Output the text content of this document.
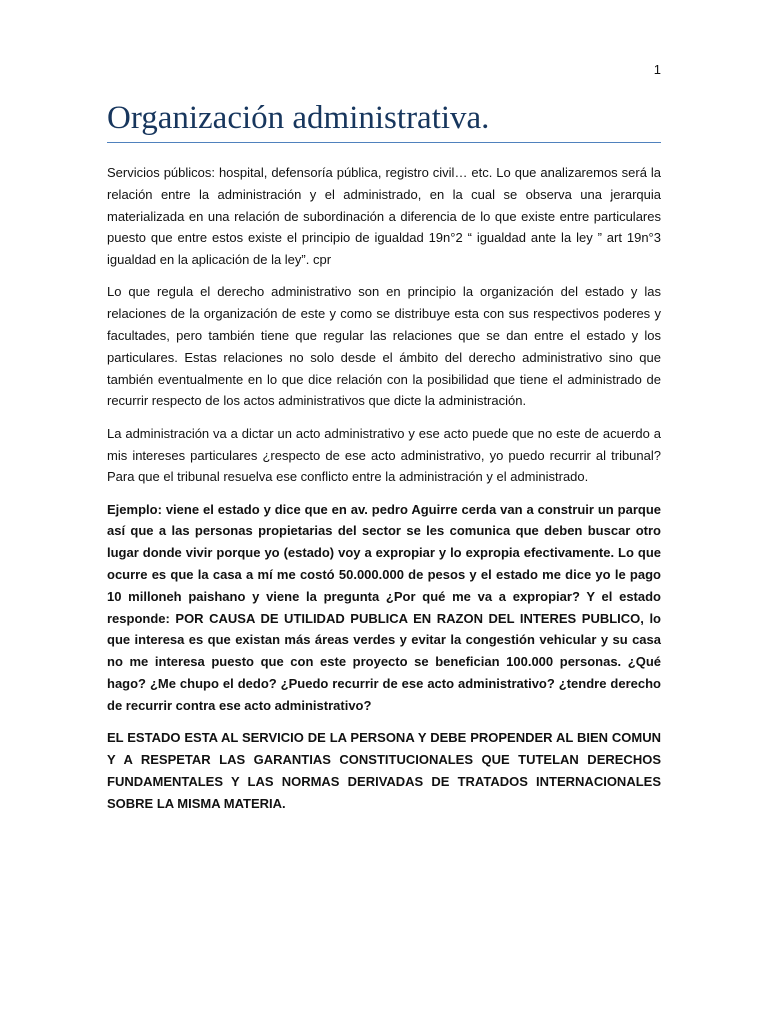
1
Organización administrativa.

Servicios públicos: hospital, defensoría pública, registro civil… etc. Lo que analizaremos será la relación entre la administración y el administrado, en la cual se observa una jerarquia materializada en una relación de subordinación a diferencia de lo que existe entre particulares puesto que entre estos existe el principio de igualdad 19n°2 “ igualdad ante la ley ” art 19n°3 igualdad en la aplicación de la ley”. cpr

Lo que regula el derecho administrativo son en principio la organización del estado y las relaciones de la organización de este y como se distribuye esta con sus respectivos poderes y facultades, pero también tiene que regular las relaciones que se dan entre el estado y los particulares. Estas relaciones no solo desde el ámbito del derecho administrativo sino que también eventualmente en lo que dice relación con la posibilidad que tiene el administrado de recurrir respecto de los actos administrativos que dicte la administración.

La administración va a dictar un acto administrativo y ese acto puede que no este de acuerdo a mis intereses particulares ¿respecto de ese acto administrativo, yo puedo recurrir al tribunal? Para que el tribunal resuelva ese conflicto entre la administración y el administrado.

Ejemplo: viene el estado y dice que en av. pedro Aguirre cerda van a construir un parque así que a las personas propietarias del sector se les comunica que deben buscar otro lugar donde vivir porque yo (estado) voy a expropiar y lo expropia efectivamente. Lo que ocurre es que la casa a mí me costó 50.000.000 de pesos y el estado me dice yo le pago 10 milloneh paishano y viene la pregunta ¿Por qué me va a expropiar? Y el estado responde: POR CAUSA DE UTILIDAD PUBLICA EN RAZON DEL INTERES PUBLICO, lo que interesa es que existan más áreas verdes y evitar la congestión vehicular y su casa no me interesa puesto que con este proyecto se benefician 100.000 personas. ¿Qué hago? ¿Me chupo el dedo? ¿Puedo recurrir de ese acto administrativo? ¿tendre derecho de recurrir contra ese acto administrativo?

EL ESTADO ESTA AL SERVICIO DE LA PERSONA Y DEBE PROPENDER AL BIEN COMUN Y A RESPETAR LAS GARANTIAS CONSTITUCIONALES QUE TUTELAN DERECHOS FUNDAMENTALES Y LAS NORMAS DERIVADAS DE TRATADOS INTERNACIONALES SOBRE LA MISMA MATERIA.
